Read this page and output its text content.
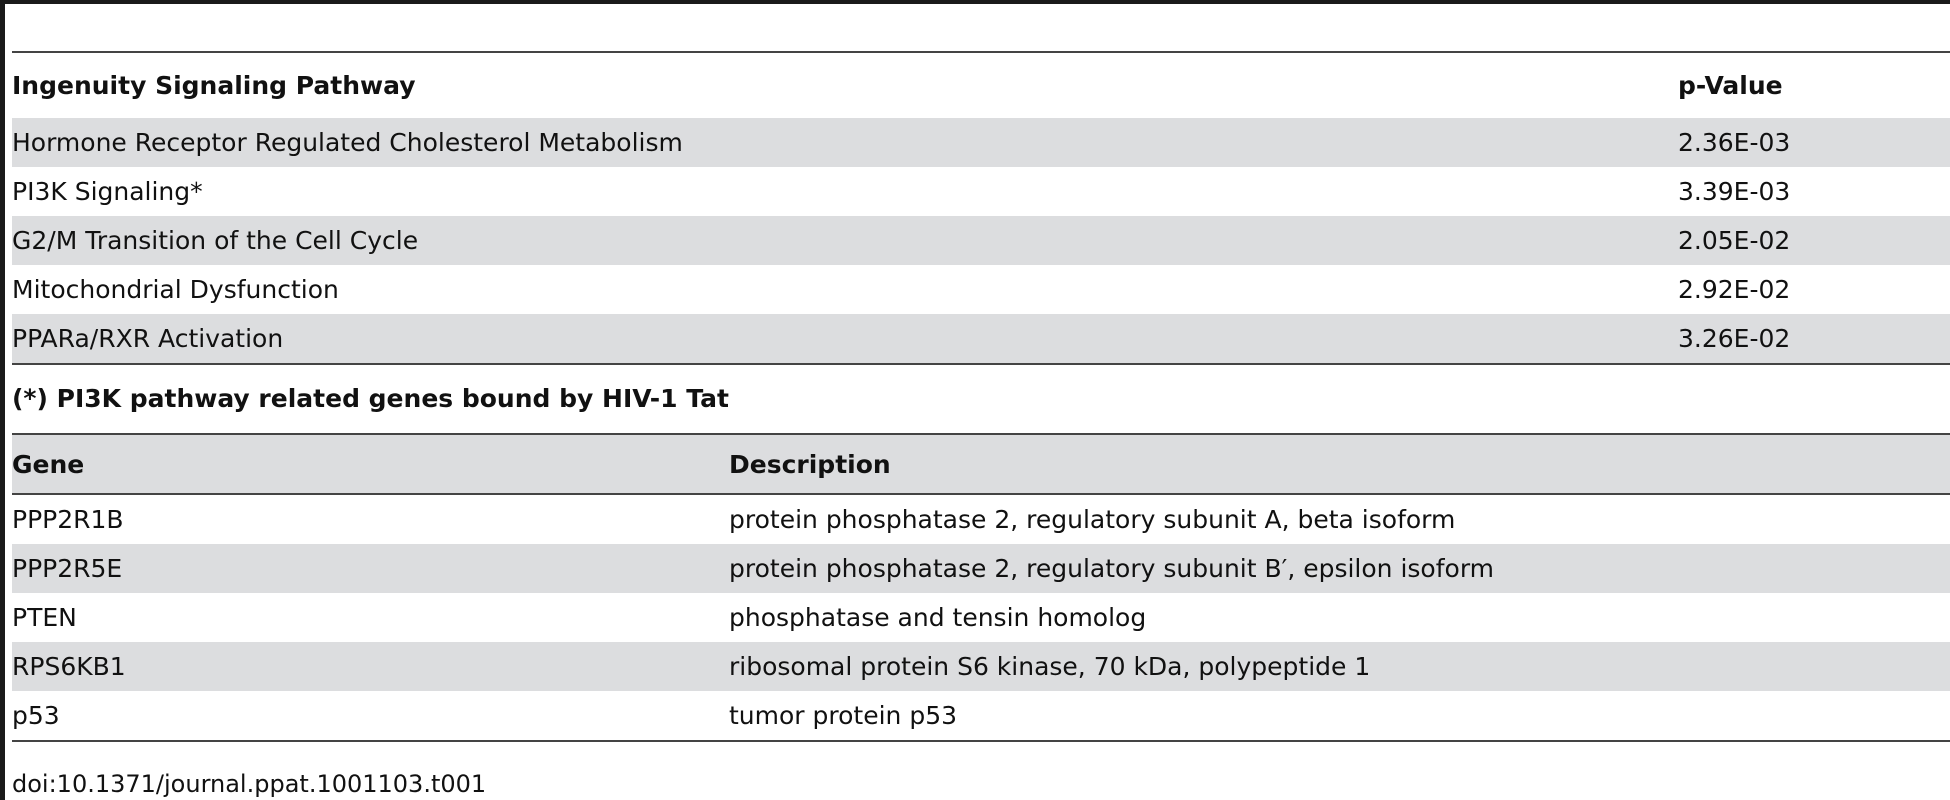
Ingenuity Signaling Pathway	p-Value
Hormone Receptor Regulated Cholesterol Metabolism	2.36E-03
PI3K Signaling*	3.39E-03
G2/M Transition of the Cell Cycle	2.05E-02
Mitochondrial Dysfunction	2.92E-02
PPARa/RXR Activation	3.26E-02
(*) PI3K pathway related genes bound by HIV-1 Tat
Gene	Description
PPP2R1B	protein phosphatase 2, regulatory subunit A, beta isoform
PPP2R5E	protein phosphatase 2, regulatory subunit B′, epsilon isoform
PTEN	phosphatase and tensin homolog
RPS6KB1	ribosomal protein S6 kinase, 70 kDa, polypeptide 1
p53	tumor protein p53
doi:10.1371/journal.ppat.1001103.t001
